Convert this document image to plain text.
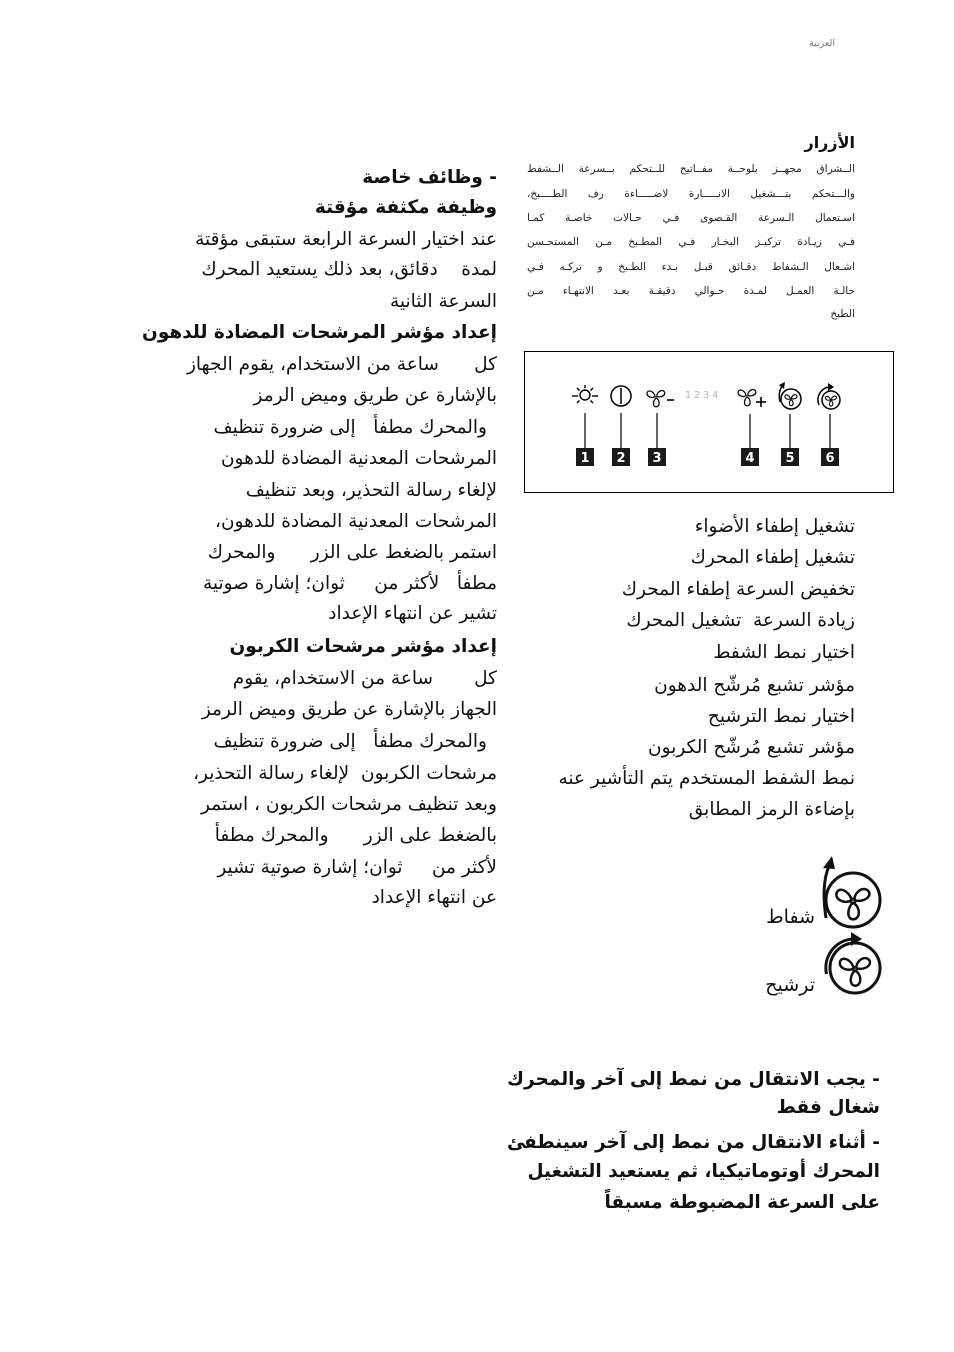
العربية
- وظائف خاصة
وظيفة مكثفة مؤقتة
عند اختيار السرعة الرابعة ستبقى مؤقتة
لمدة    دقائق، بعد ذلك يستعيد المحرك
السرعة الثانية
إعداد مؤشر المرشحات المضادة للدهون
كل      ساعة من الاستخدام، يقوم الجهاز
بالإشارة عن طريق وميض الرمز
والمحرك مطفأ   إلى ضرورة تنظيف
المرشحات المعدنية المضادة للدهون
لإلغاء رسالة التحذير، وبعد تنظيف
المرشحات المعدنية المضادة للدهون،
استمر بالضغط على الزر      والمحرك
مطفأ   لأكثر من     ثوان؛ إشارة صوتية
تشير عن انتهاء الإعداد
إعداد مؤشر مرشحات الكربون
كل       ساعة من الاستخدام، يقوم
الجهاز بالإشارة عن طريق وميض الرمز
والمحرك مطفأ   إلى ضرورة تنظيف
مرشحات الكربون  لإلغاء رسالة التحذير،
وبعد تنظيف مرشحات الكربون ، استمر
بالضغط على الزر      والمحرك مطفأ
لأكثر من     ثوان؛ إشارة صوتية تشير
عن انتهاء الإعداد
الأزرار
الــشراق مجهــز بلوحــة مفــاتيح للــتحكم بــسرعة الــشفط
والـــتحكم بتـــشغيل الانـــــارة لاضـــــاءة رف الطــــبخ،
اسـتعمال الـسرعة القـصوى فـي حـالات خاصـة كمـا
فـي زيـادة تركيـز البخـار فـي المطـبخ مـن المستحـسن
اشـعال الـشفاط دقـائق قبـل بـدء الطـبخ و تركـه فـي
حالـة العمـل لمـدة حـوالي دقيقـة بعـد الانتهـاء مـن
الطبخ
1 2 3 4
1 2 3	4 5 6
تشغيل إطفاء الأضواء
تشغيل إطفاء المحرك
تخفيض السرعة إطفاء المحرك
زيادة السرعة  تشغيل المحرك
اختيار نمط الشفط
مؤشر تشبع مُرشّح الدهون
اختيار نمط الترشيح
مؤشر تشبع مُرشّح الكربون
نمط الشفط المستخدم يتم التأشير عنه
بإضاءة الرمز المطابق
شفاط
ترشيح
- يجب الانتقال من نمط إلى آخر والمحرك
شغال فقط
- أثناء الانتقال من نمط إلى آخر سينطفئ
المحرك أوتوماتيكيا، ثم يستعيد التشغيل
على السرعة المضبوطة مسبقاً
